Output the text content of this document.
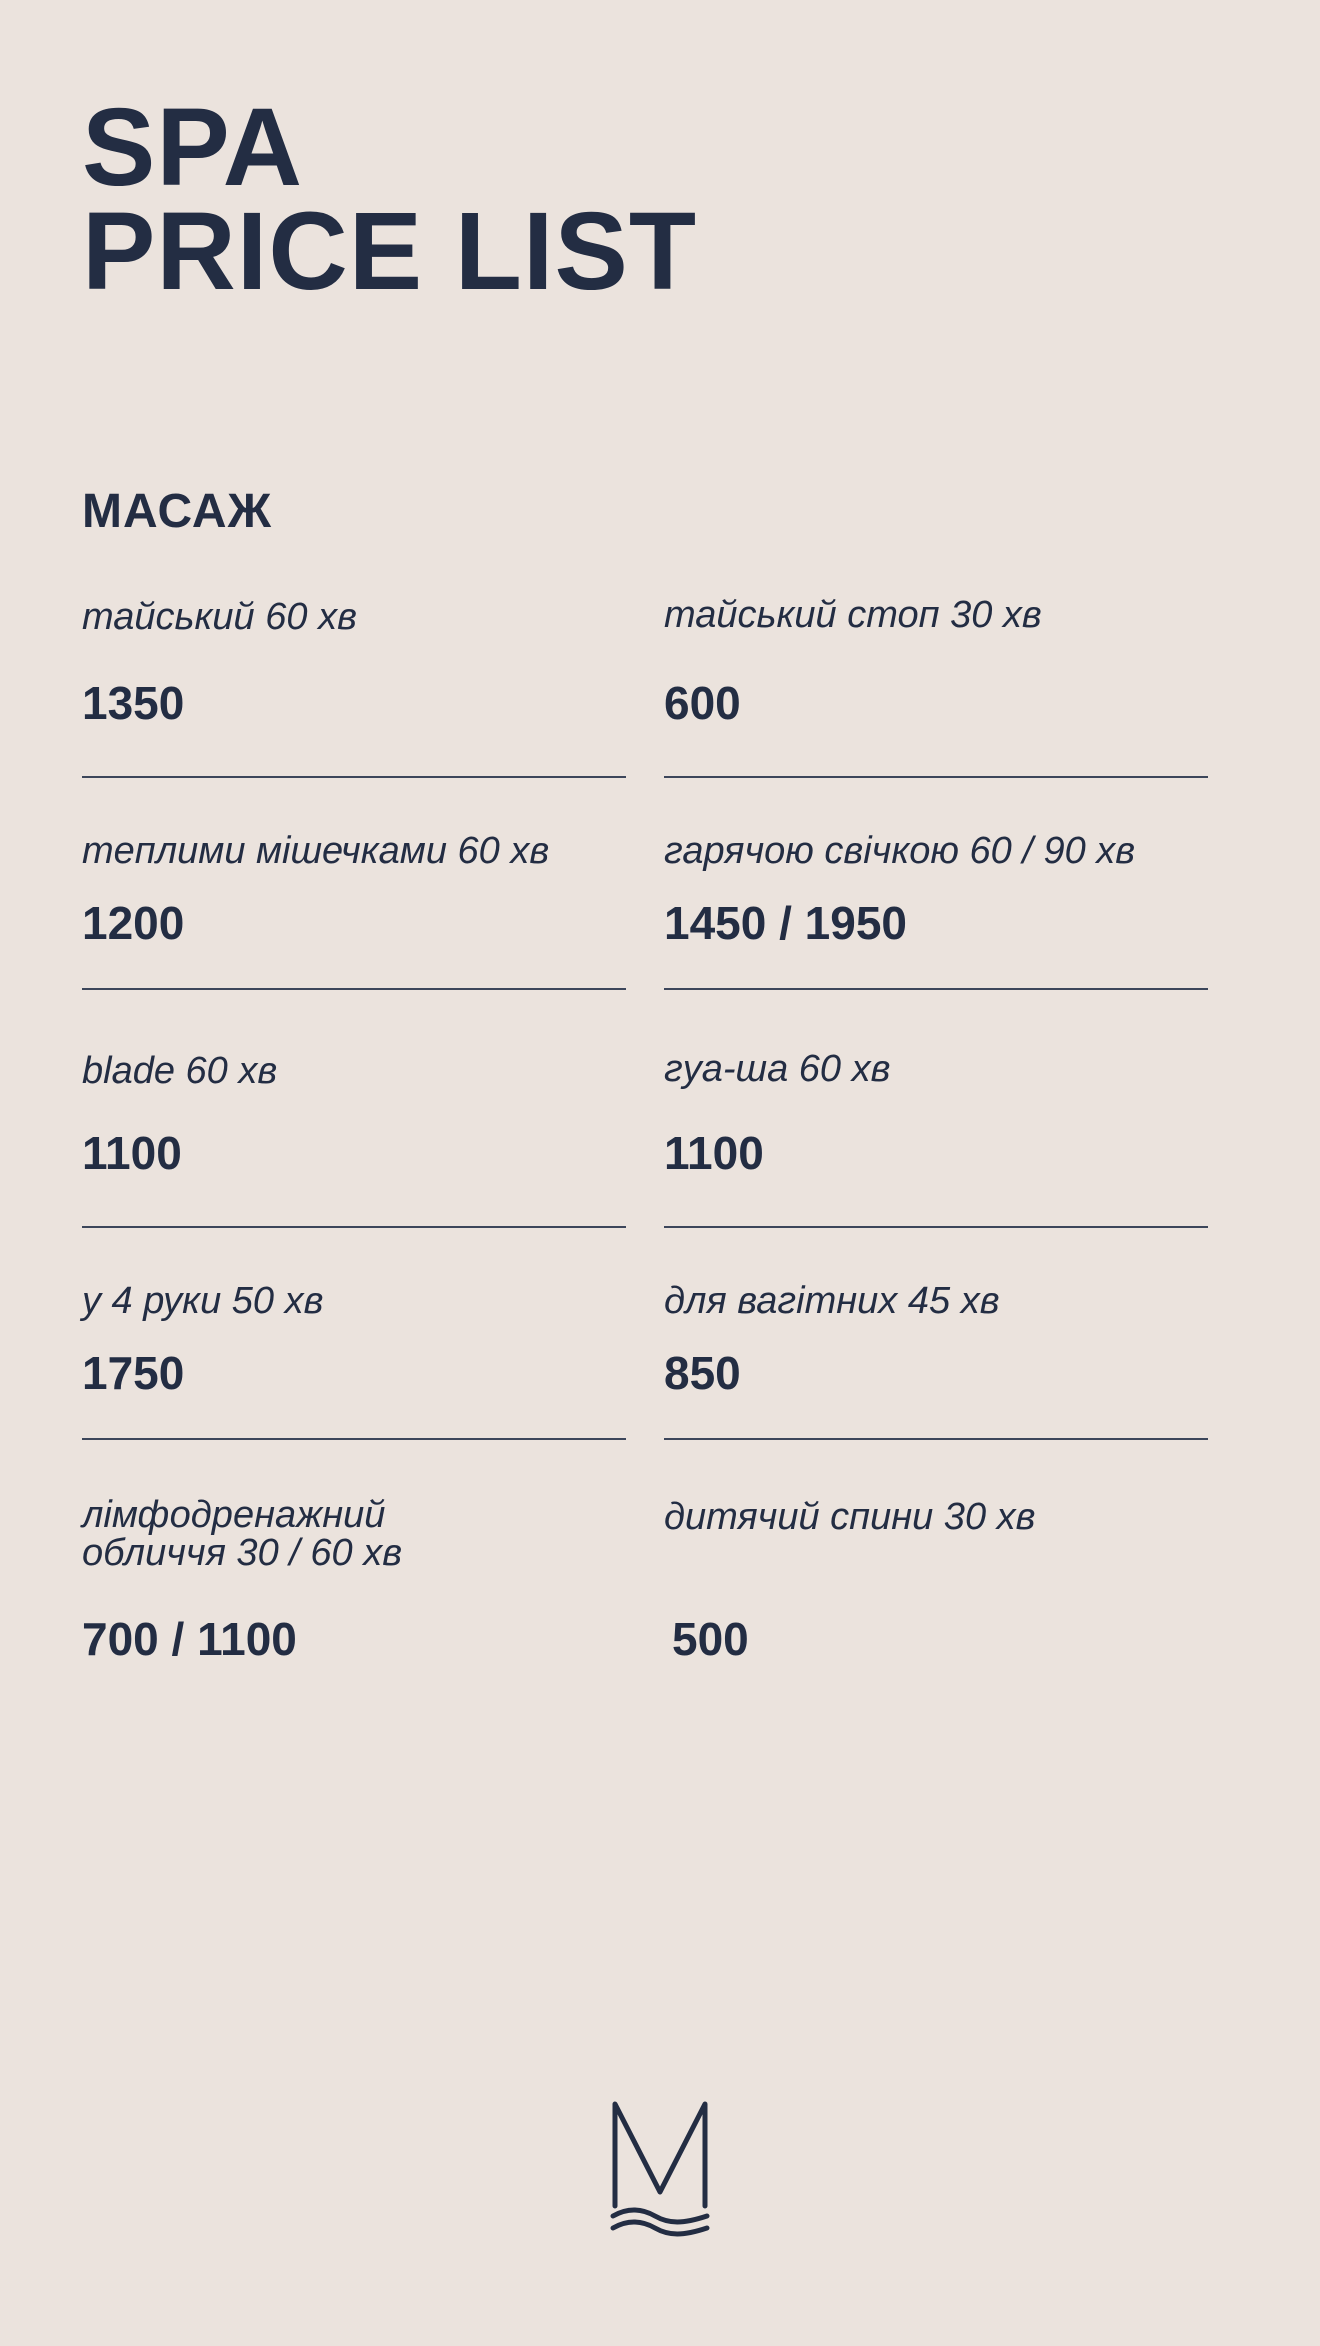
SPA
PRICE LIST
МАСАЖ
тайський 60 хв
1350
тайський стоп 30 хв
600
теплими мішечками 60 хв
1200
гарячою свічкою 60 / 90 хв
1450 / 1950
blade 60 хв
1100
гуа-ша 60 хв
1100
у 4 руки 50 хв
1750
для вагітних 45 хв
850
лімфодренажний
обличчя 30 / 60 хв
700 / 1100
дитячий спини 30 хв
500
